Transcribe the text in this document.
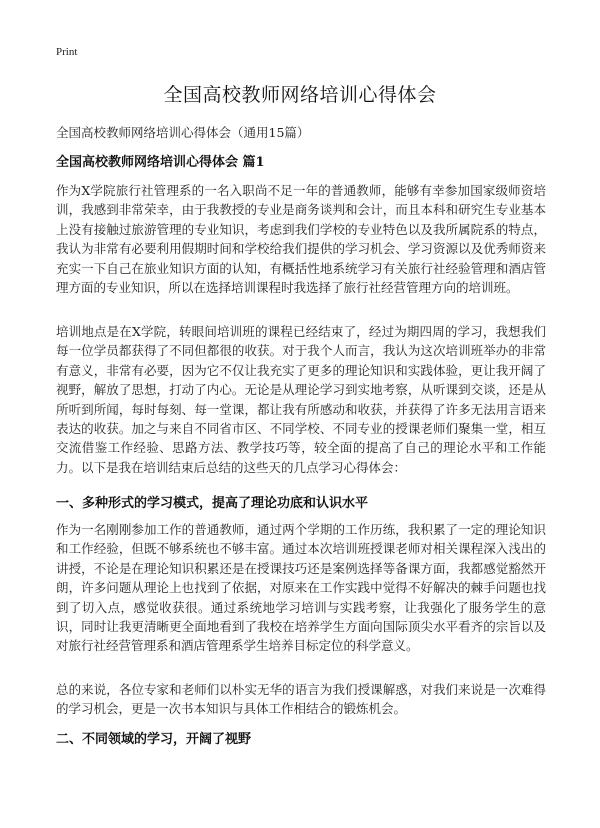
Print
全国高校教师网络培训心得体会
全国高校教师网络培训心得体会（通用15篇）
全国高校教师网络培训心得体会 篇1

作为X学院旅行社管理系的一名入职尚不足一年的普通教师，能够有幸参加国家级师资培训，我感到非常荣幸，由于我教授的专业是商务谈判和会计，而且本科和研究生专业基本上没有接触过旅游管理的专业知识，考虑到我们学校的专业特色以及我所属院系的特点，我认为非常有必要利用假期时间和学校给我们提供的学习机会、学习资源以及优秀师资来充实一下自己在旅业知识方面的认知，有概括性地系统学习有关旅行社经验管理和酒店管理方面的专业知识，所以在选择培训课程时我选择了旅行社经营管理方向的培训班。

培训地点是在X学院，转眼间培训班的课程已经结束了，经过为期四周的学习，我想我们每一位学员都获得了不同但都很的收获。对于我个人而言，我认为这次培训班举办的非常有意义，非常有必要，因为它不仅让我充实了更多的理论知识和实践体验，更让我开阔了视野，解放了思想，打动了内心。无论是从理论学习到实地考察，从听课到交谈，还是从所听到所闻，每时每刻、每一堂课，都让我有所感动和收获，并获得了许多无法用言语来表达的收获。加之与来自不同省市区、不同学校、不同专业的授课老师们聚集一堂，相互交流借鉴工作经验、思路方法、教学技巧等，较全面的提高了自己的理论水平和工作能力。以下是我在培训结束后总结的这些天的几点学习心得体会：

一、多种形式的学习模式，提高了理论功底和认识水平

作为一名刚刚参加工作的普通教师，通过两个学期的工作历练，我积累了一定的理论知识和工作经验，但既不够系统也不够丰富。通过本次培训班授课老师对相关课程深入浅出的讲授，不论是在理论知识积累还是在授课技巧还是案例选择等备课方面，我都感觉豁然开朗，许多问题从理论上也找到了依据，对原来在工作实践中觉得不好解决的棘手问题也找到了切入点，感觉收获很。通过系统地学习培训与实践考察，让我强化了服务学生的意识，同时让我更清晰更全面地看到了我校在培养学生方面向国际顶尖水平看齐的宗旨以及对旅行社经营管理系和酒店管理系学生培养目标定位的科学意义。

总的来说，各位专家和老师们以朴实无华的语言为我们授课解惑，对我们来说是一次难得的学习机会，更是一次书本知识与具体工作相结合的锻炼机会。

二、不同领域的学习，开阔了视野
